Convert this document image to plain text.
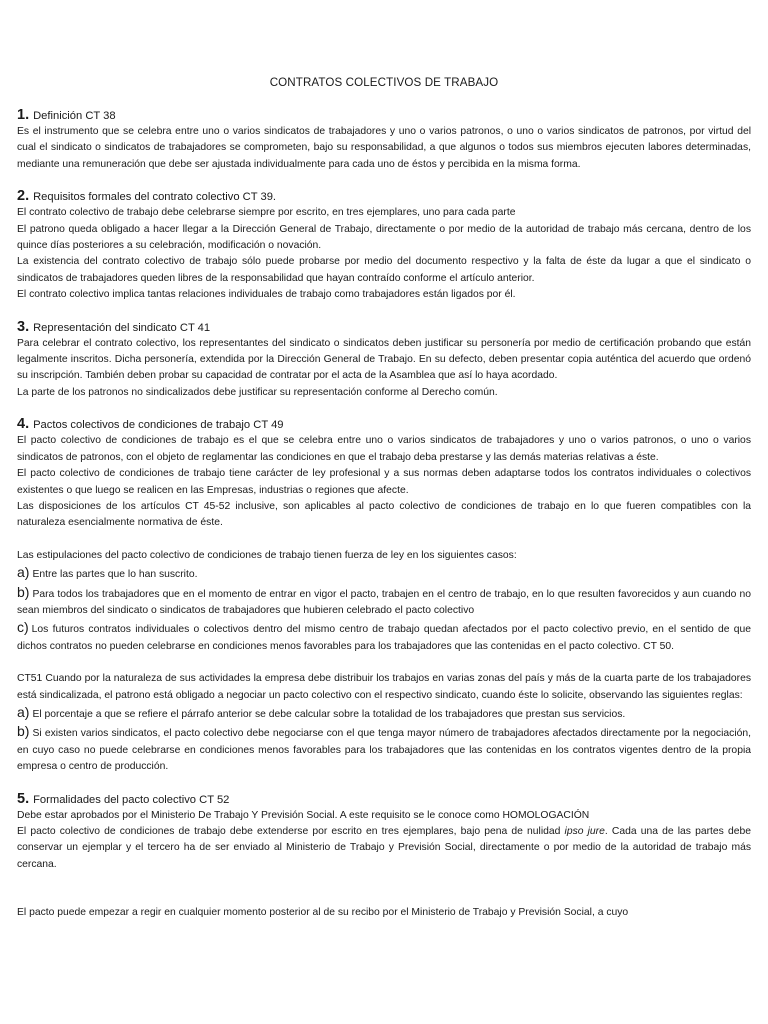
CONTRATOS COLECTIVOS DE TRABAJO
1. Definición CT 38

Es el instrumento que se celebra entre uno o varios sindicatos de trabajadores y uno o varios patronos, o uno o varios sindicatos de patronos, por virtud del cual el sindicato o sindicatos de trabajadores se comprometen, bajo su responsabilidad, a que algunos o todos sus miembros ejecuten labores determinadas, mediante una remuneración que debe ser ajustada individualmente para cada uno de éstos y percibida en la misma forma.

2. Requisitos formales del contrato colectivo CT 39.

El contrato colectivo de trabajo debe celebrarse siempre por escrito, en tres ejemplares, uno para cada parte

El patrono queda obligado a hacer llegar a la Dirección General de Trabajo, directamente o por medio de la autoridad de trabajo más cercana, dentro de los quince días posteriores a su celebración, modificación o novación.

La existencia del contrato colectivo de trabajo sólo puede probarse por medio del documento respectivo y la falta de éste da lugar a que el sindicato o sindicatos de trabajadores queden libres de la responsabilidad que hayan contraído conforme el artículo anterior.

El contrato colectivo implica tantas relaciones individuales de trabajo como trabajadores están ligados por él.

3. Representación del sindicato CT 41

Para celebrar el contrato colectivo, los representantes del sindicato o sindicatos deben justificar su personería por medio de certificación probando que están legalmente inscritos. Dicha personería, extendida por la Dirección General de Trabajo. En su defecto, deben presentar copia auténtica del acuerdo que ordenó su inscripción. También deben probar su capacidad de contratar por el acta de la Asamblea que así lo haya acordado.

La parte de los patronos no sindicalizados debe justificar su representación conforme al Derecho común.

4. Pactos colectivos de condiciones de trabajo CT 49

El pacto colectivo de condiciones de trabajo es el que se celebra entre uno o varios sindicatos de trabajadores y uno o varios patronos, o uno o varios sindicatos de patronos, con el objeto de reglamentar las condiciones en que el trabajo deba prestarse y las demás materias relativas a éste.

El pacto colectivo de condiciones de trabajo tiene carácter de ley profesional y a sus normas deben adaptarse todos los contratos individuales o colectivos existentes o que luego se realicen en las Empresas, industrias o regiones que afecte.

Las disposiciones de los artículos CT 45-52 inclusive, son aplicables al pacto colectivo de condiciones de trabajo en lo que fueren compatibles con la naturaleza esencialmente normativa de éste.

Las estipulaciones del pacto colectivo de condiciones de trabajo tienen fuerza de ley en los siguientes casos:

a) Entre las partes que lo han suscrito.
b) Para todos los trabajadores que en el momento de entrar en vigor el pacto, trabajen en el centro de trabajo, en lo que resulten favorecidos y aun cuando no sean miembros del sindicato o sindicatos de trabajadores que hubieren celebrado el pacto colectivo
c) Los futuros contratos individuales o colectivos dentro del mismo centro de trabajo quedan afectados por el pacto colectivo previo, en el sentido de que dichos contratos no pueden celebrarse en condiciones menos favorables para los trabajadores que las contenidas en el pacto colectivo. CT 50.

CT51 Cuando por la naturaleza de sus actividades la empresa debe distribuir los trabajos en varias zonas del país y más de la cuarta parte de los trabajadores está sindicalizada, el patrono está obligado a negociar un pacto colectivo con el respectivo sindicato, cuando éste lo solicite, observando las siguientes reglas:

a) El porcentaje a que se refiere el párrafo anterior se debe calcular sobre la totalidad de los trabajadores que prestan sus servicios.
b) Si existen varios sindicatos, el pacto colectivo debe negociarse con el que tenga mayor número de trabajadores afectados directamente por la negociación, en cuyo caso no puede celebrarse en condiciones menos favorables para los trabajadores que las contenidas en los contratos vigentes dentro de la propia empresa o centro de producción.
5. Formalidades del pacto colectivo CT 52

Debe estar aprobados por el Ministerio De Trabajo Y Previsión Social. A este requisito se le conoce como HOMOLOGACIÓN

El pacto colectivo de condiciones de trabajo debe extenderse por escrito en tres ejemplares, bajo pena de nulidad ipso jure. Cada una de las partes debe conservar un ejemplar y el tercero ha de ser enviado al Ministerio de Trabajo y Previsión Social, directamente o por medio de la autoridad de trabajo más cercana.

El pacto puede empezar a regir en cualquier momento posterior al de su recibo por el Ministerio de Trabajo y Previsión Social, a cuyo
